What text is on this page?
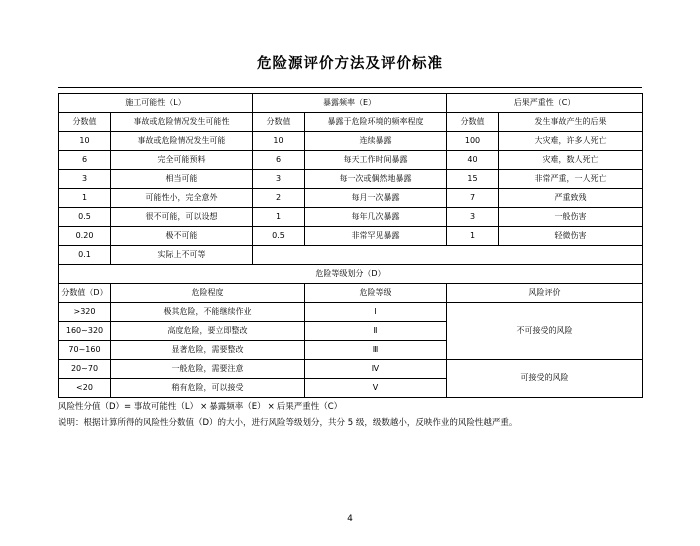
危险源评价方法及评价标准
施工可能性（L）		暴露频率（E）		后果严重性（C）	
分数值	事故或危险情况发生可能性	分数值	暴露于危险环境的频率程度	分数值	发生事故产生的后果
10	事故或危险情况发生可能	10	连续暴露	100	大灾难，许多人死亡
6	完全可能预料	6	每天工作时间暴露	40	灾难，数人死亡
3	相当可能	3	每一次或偶然地暴露	15	非常严重，一人死亡
1	可能性小，完全意外	2	每月一次暴露	7	严重致残
0.5	很不可能，可以设想	1	每年几次暴露	3	一般伤害
0.20	极不可能	0.5	非常罕见暴露	1	轻微伤害
0.1	实际上不可等				
危险等级划分（D）					
分数值（D）	危险程度		危险等级	风险评价	
>320	极其危险，不能继续作业		Ⅰ	不可接受的风险	
160~320	高度危险，要立即整改		Ⅱ		
70~160	显著危险，需要整改		Ⅲ		
20~70	一般危险，需要注意		Ⅳ	可接受的风险	
<20	稍有危险，可以接受		Ⅴ		
风险性分值（D）= 事故可能性（L） × 暴露频率（E） × 后果严重性（C）
说明：根据计算所得的风险性分数值（D）的大小，进行风险等级划分，共分 5 级，级数越小，反映作业的风险性越严重。
4
